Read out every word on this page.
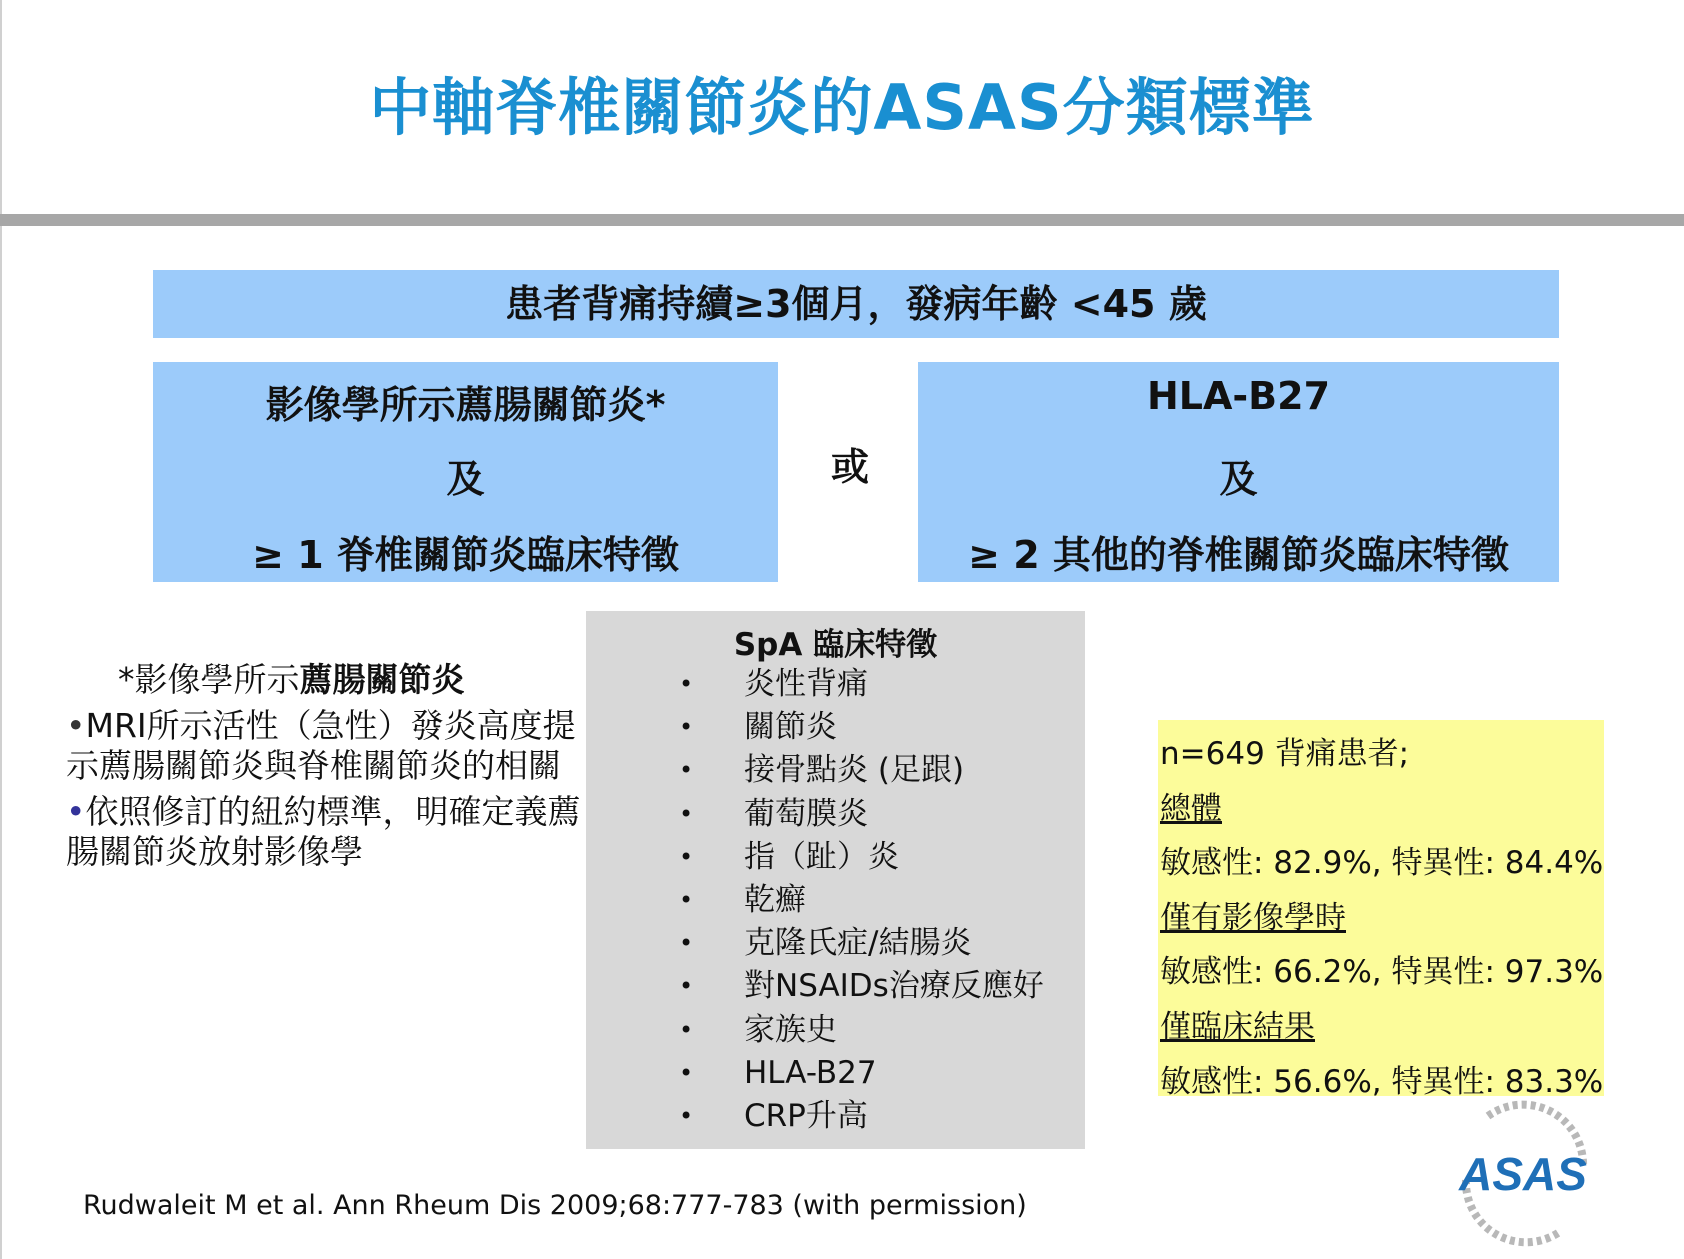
中軸脊椎關節炎的ASAS分類標準
患者背痛持續≥3個月，發病年齡 <45 歲
影像學所示薦腸關節炎*
及
≥ 1 脊椎關節炎臨床特徵
或
HLA-B27
及
≥ 2 其他的脊椎關節炎臨床特徵
*影像學所示薦腸關節炎
•MRI所示活性（急性）發炎高度提示薦腸關節炎與脊椎關節炎的相關
•依照修訂的紐約標準，明確定義薦腸關節炎放射影像學
SpA 臨床特徵
• 炎性背痛
• 關節炎
• 接骨點炎 (足跟)
• 葡萄膜炎
• 指（趾）炎
• 乾癬
• 克隆氏症/結腸炎
• 對NSAIDs治療反應好
• 家族史
• HLA-B27
• CRP升高
n=649 背痛患者;
總體
敏感性: 82.9%, 特異性: 84.4%
僅有影像學時
敏感性: 66.2%, 特異性: 97.3%
僅臨床結果
敏感性: 56.6%, 特異性: 83.3%
Rudwaleit M et al. Ann Rheum Dis 2009;68:777-783 (with permission)
ASAS
